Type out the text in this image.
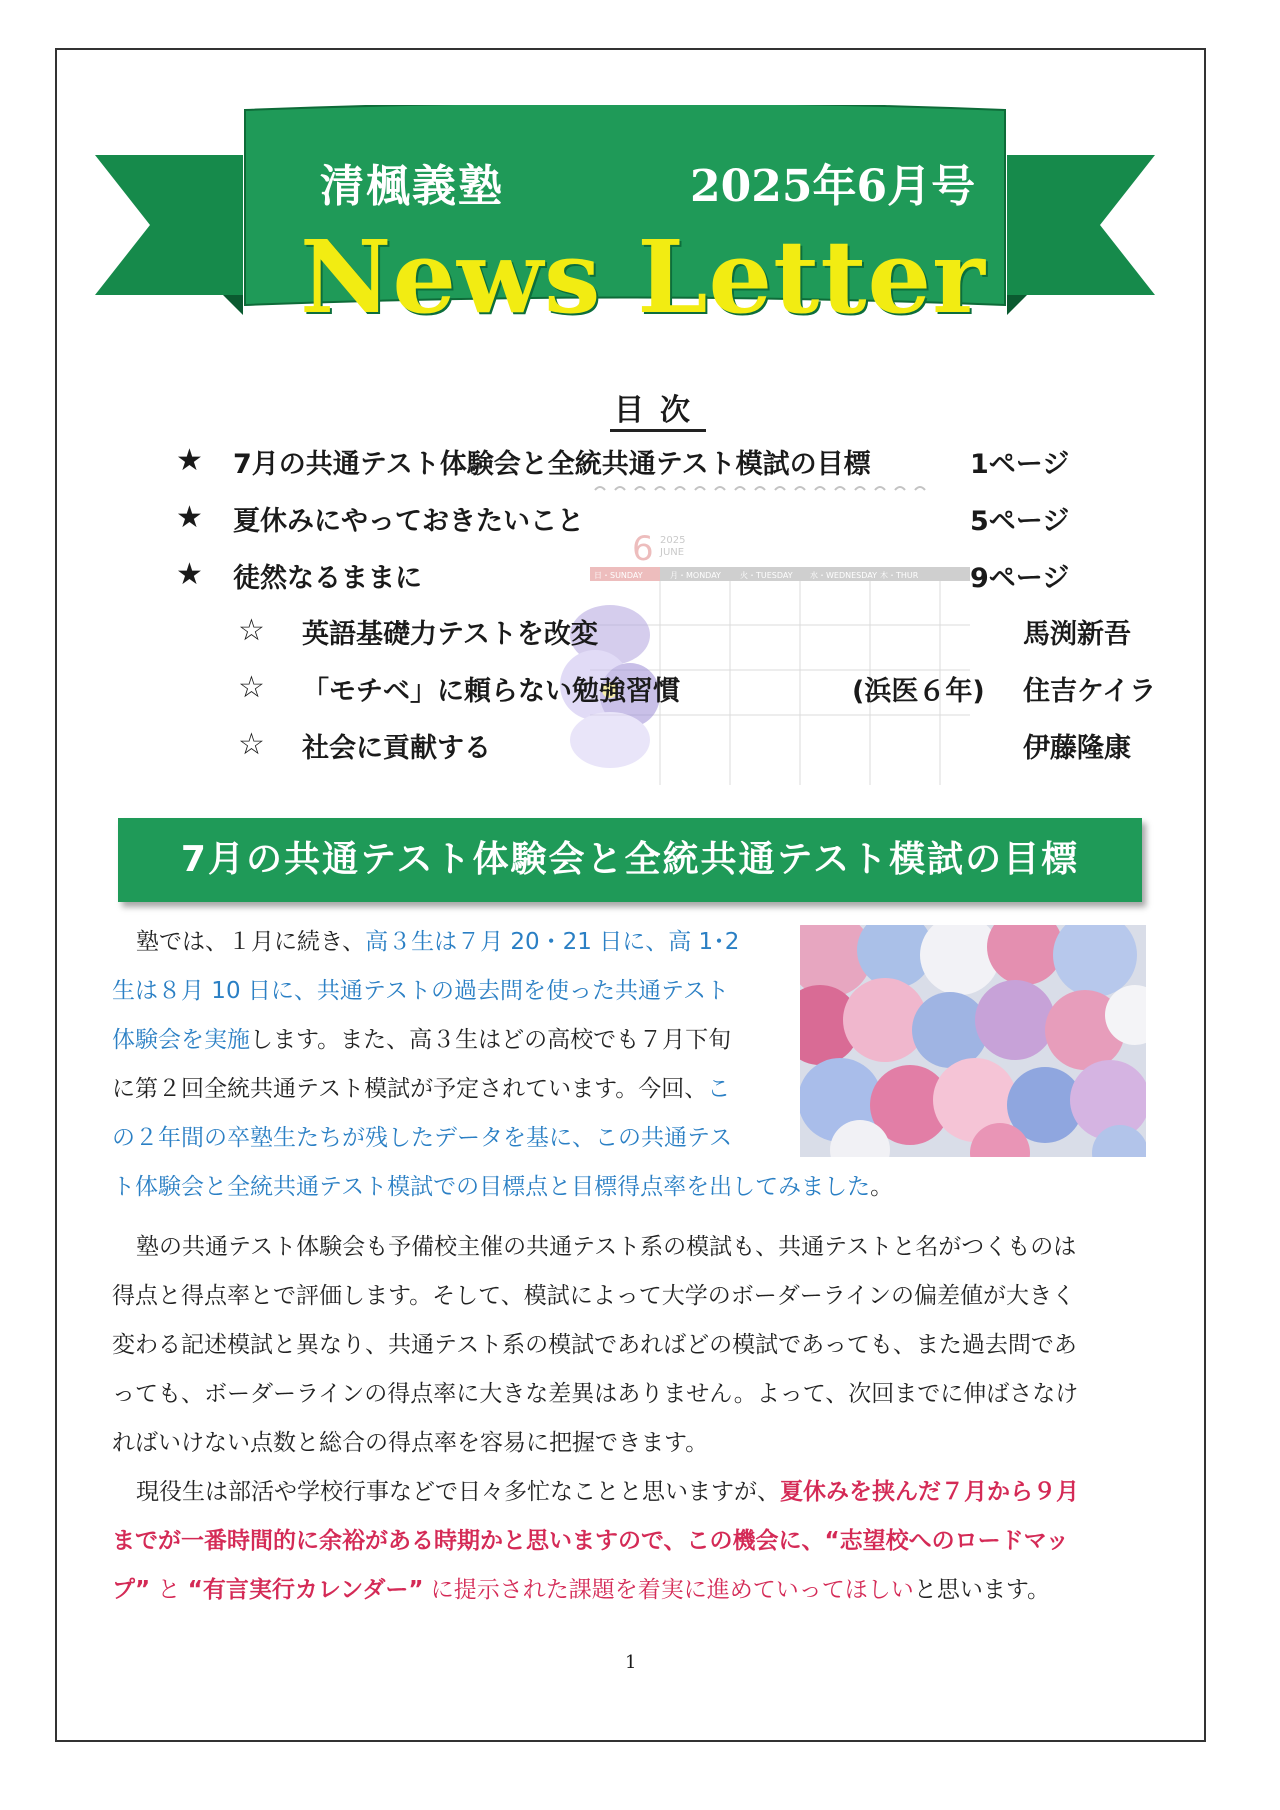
清楓義塾	2025年6月号
News Letter
6 2025
JUNE
日・SUNDAY	月・MONDAY 火・TUESDAY 水・WEDNESDAY 木・THUR
目次
★ 7月の共通テスト体験会と全統共通テスト模試の目標	1ページ
★ 夏休みにやっておきたいこと	5ページ
★ 徒然なるままに	9ページ
☆ 英語基礎力テストを改変	馬渕新吾
☆ 「モチベ」に頼らない勉強習慣	(浜医６年) 住吉ケイラ
☆ 社会に貢献する	伊藤隆康
7月の共通テスト体験会と全統共通テスト模試の目標
塾では、１月に続き、高３生は７月 20・21 日に、高 1･2
生は８月 10 日に、共通テストの過去問を使った共通テスト
体験会を実施します。また、高３生はどの高校でも７月下旬
に第２回全統共通テスト模試が予定されています。今回、こ
の２年間の卒塾生たちが残したデータを基に、この共通テス
ト体験会と全統共通テスト模試での目標点と目標得点率を出してみました。
塾の共通テスト体験会も予備校主催の共通テスト系の模試も、共通テストと名がつくものは
得点と得点率とで評価します。そして、模試によって大学のボーダーラインの偏差値が大きく
変わる記述模試と異なり、共通テスト系の模試であればどの模試であっても、また過去問であ
っても、ボーダーラインの得点率に大きな差異はありません。よって、次回までに伸ばさなけ
ればいけない点数と総合の得点率を容易に把握できます。
現役生は部活や学校行事などで日々多忙なことと思いますが、夏休みを挟んだ７月から９月
までが一番時間的に余裕がある時期かと思いますので、この機会に、“志望校へのロードマッ
プ” と “有言実行カレンダー” に提示された課題を着実に進めていってほしいと思います。
1
